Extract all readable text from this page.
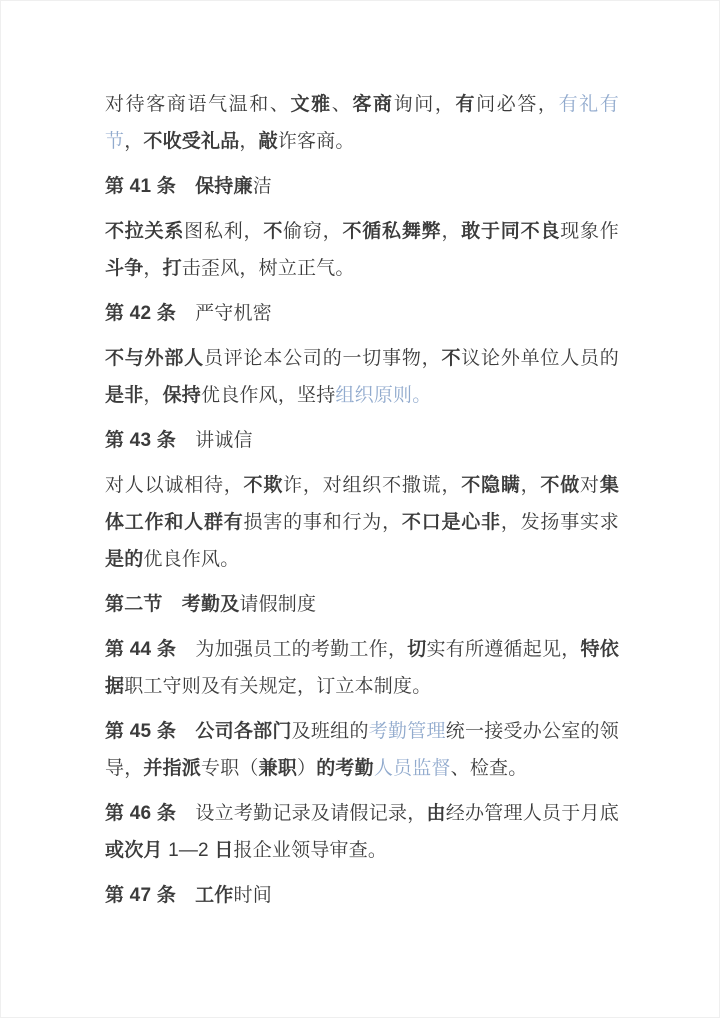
对待客商语气温和、文雅、客商询问，有问必答，有礼有节，不收受礼品，敲诈客商。

第 41 条　保持廉洁

不拉关系图私利，不偷窃，不循私舞弊，敢于同不良现象作斗争，打击歪风，树立正气。

第 42 条　严守机密

不与外部人员评论本公司的一切事物，不议论外单位人员的是非，保持优良作风，坚持组织原则。

第 43 条　讲诚信

对人以诚相待，不欺诈，对组织不撒谎，不隐瞒，不做对集体工作和人群有损害的事和行为，不口是心非，发扬事实求是的优良作风。

第二节　考勤及请假制度

第 44 条　为加强员工的考勤工作，切实有所遵循起见，特依据职工守则及有关规定，订立本制度。

第 45 条　公司各部门及班组的考勤管理统一接受办公室的领导，并指派专职（兼职）的考勤人员监督、检查。

第 46 条　设立考勤记录及请假记录，由经办管理人员于月底或次月 1—2 日报企业领导审查。

第 47 条　工作时间
